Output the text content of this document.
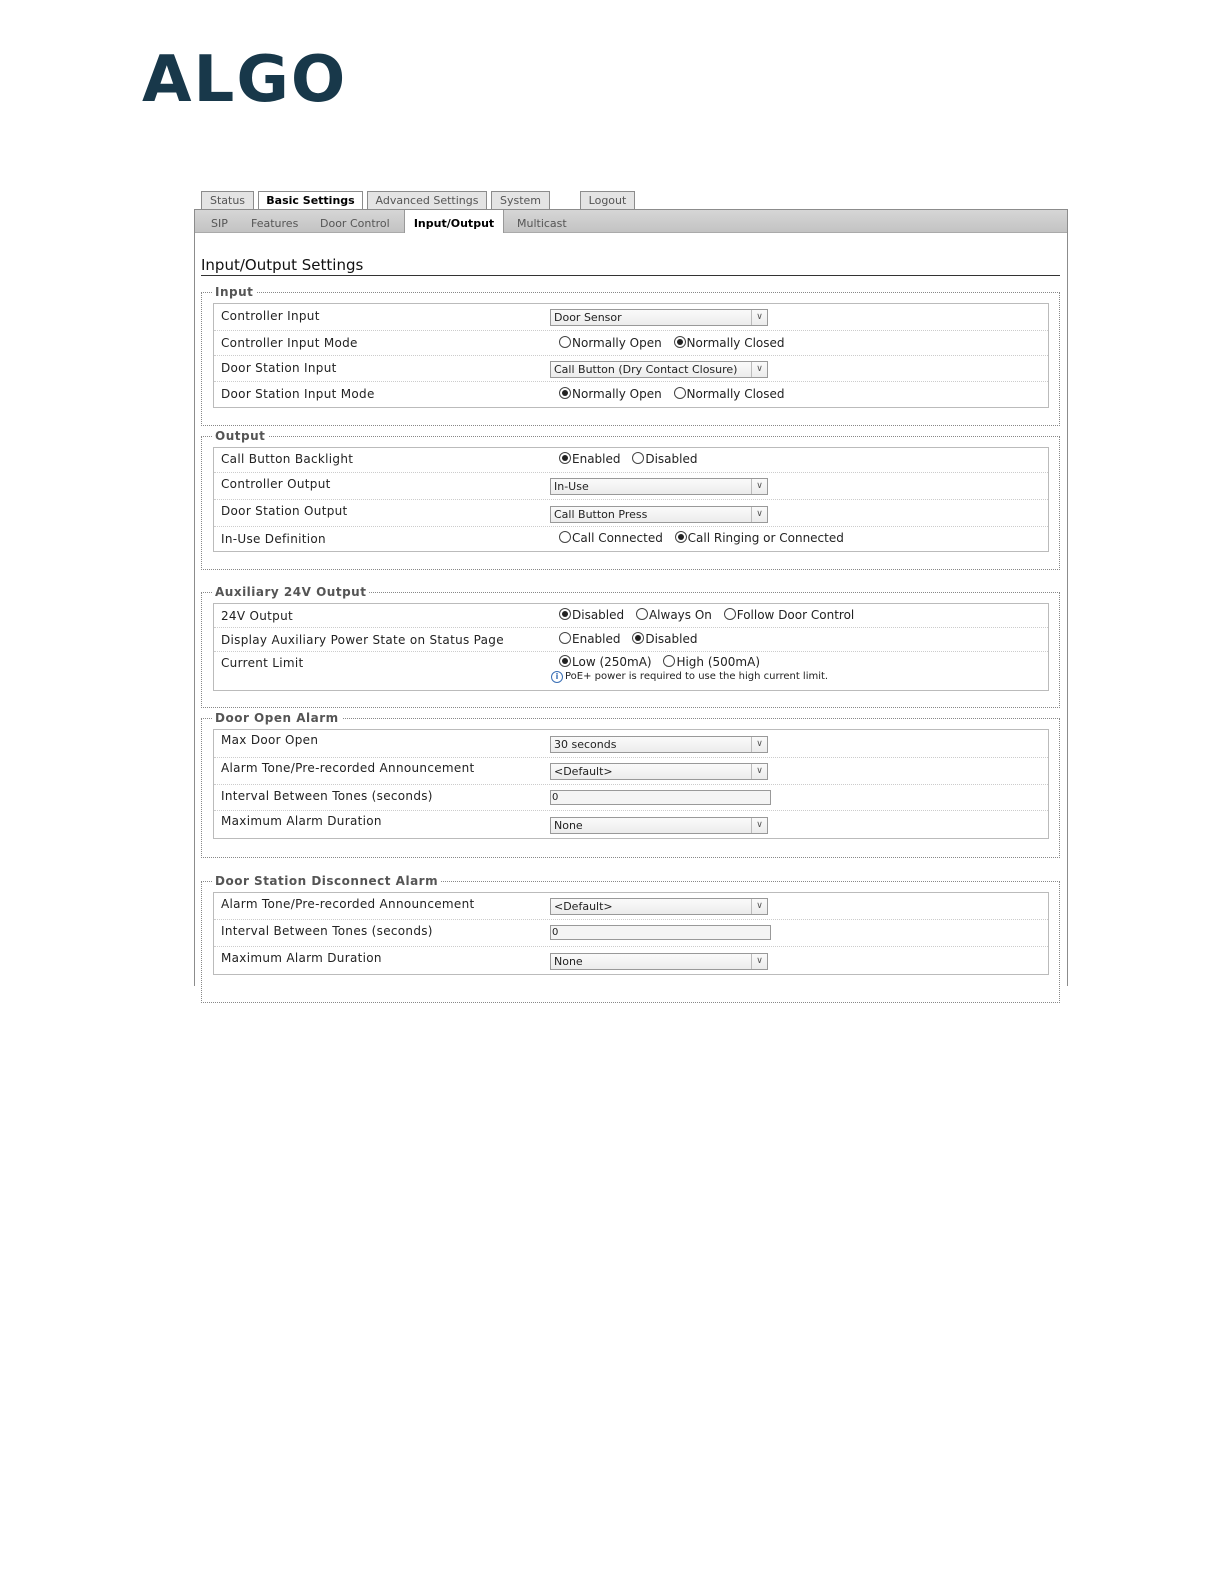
ALGO
Status	Basic Settings	Advanced Settings	System	Logout
SIP Features Door Control	Input/Output	Multicast
Input/Output Settings
Input
Controller Input	Door Sensor	∨
Controller Input Mode	Normally Open Normally Closed
Door Station Input	Call Button (Dry Contact Closure)	∨
Door Station Input Mode	Normally Open Normally Closed
Output
Call Button Backlight	Enabled Disabled
Controller Output	In-Use	∨
Door Station Output	Call Button Press	∨
In-Use Definition	Call Connected Call Ringing or Connected
Auxiliary 24V Output
24V Output	Disabled Always On Follow Door Control
Display Auxiliary Power State on Status Page	Enabled Disabled
Current Limit	Low (250mA) High (500mA)
i PoE+ power is required to use the high current limit.
Door Open Alarm
Max Door Open	30 seconds	∨
Alarm Tone/Pre-recorded Announcement	<Default>	∨
Interval Between Tones (seconds)	0
Maximum Alarm Duration	None	∨
Door Station Disconnect Alarm
Alarm Tone/Pre-recorded Announcement	<Default>	∨
Interval Between Tones (seconds)	0
Maximum Alarm Duration	None	∨
